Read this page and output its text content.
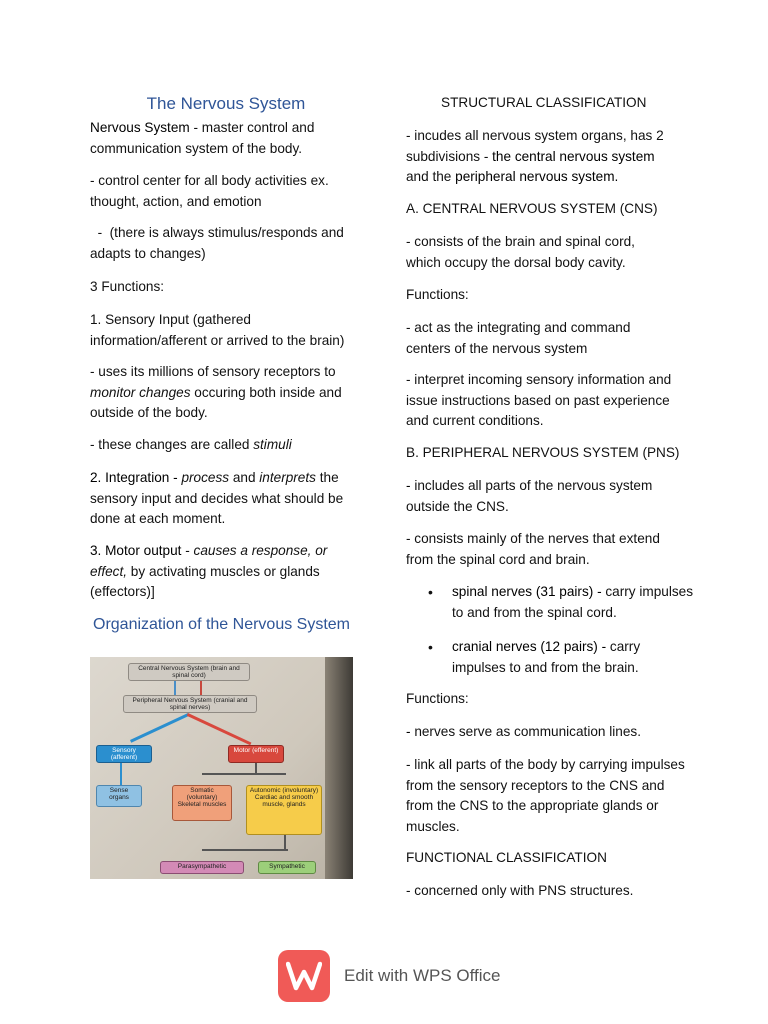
The Nervous System

Nervous System - master control and communication system of the body.

- control center for all body activities ex. thought, action, and emotion

-  (there is always stimulus/responds and adapts to changes)

3 Functions:

1. Sensory Input (gathered information/afferent or arrived to the brain)

- uses its millions of sensory receptors to monitor changes occuring both inside and outside of the body.

- these changes are called stimuli

2. Integration - process and interprets the sensory input and decides what should be done at each moment.

3. Motor output - causes a response, or effect, by activating muscles or glands (effectors)]

Organization of the Nervous System

Central Nervous System (brain and spinal cord)
Peripheral Nervous System (cranial and spinal nerves)
Sensory (afferent)
Motor (efferent)
Sense organs
Somatic (voluntary) Skeletal muscles
Autonomic (involuntary) Cardiac and smooth muscle, glands
Parasympathetic	Sympathetic

STRUCTURAL CLASSIFICATION

- incudes all nervous system organs, has 2 subdivisions - the central nervous system and the peripheral nervous system.

A. CENTRAL NERVOUS SYSTEM (CNS)

- consists of the brain and spinal cord, which occupy the dorsal body cavity.

Functions:

- act as the integrating and command centers of the nervous system

- interpret incoming sensory information and issue instructions based on past experience and current conditions.

B. PERIPHERAL NERVOUS SYSTEM (PNS)

- includes all parts of the nervous system outside the CNS.

- consists mainly of the nerves that extend from the spinal cord and brain.

• spinal nerves (31 pairs) - carry impulses to and from the spinal cord.
• cranial nerves (12 pairs) - carry impulses to and from the brain.

Functions:

- nerves serve as communication lines.

- link all parts of the body by carrying impulses from the sensory receptors to the CNS and from the CNS to the appropriate glands or muscles.

FUNCTIONAL CLASSIFICATION

- concerned only with PNS structures.

Edit with WPS Office
